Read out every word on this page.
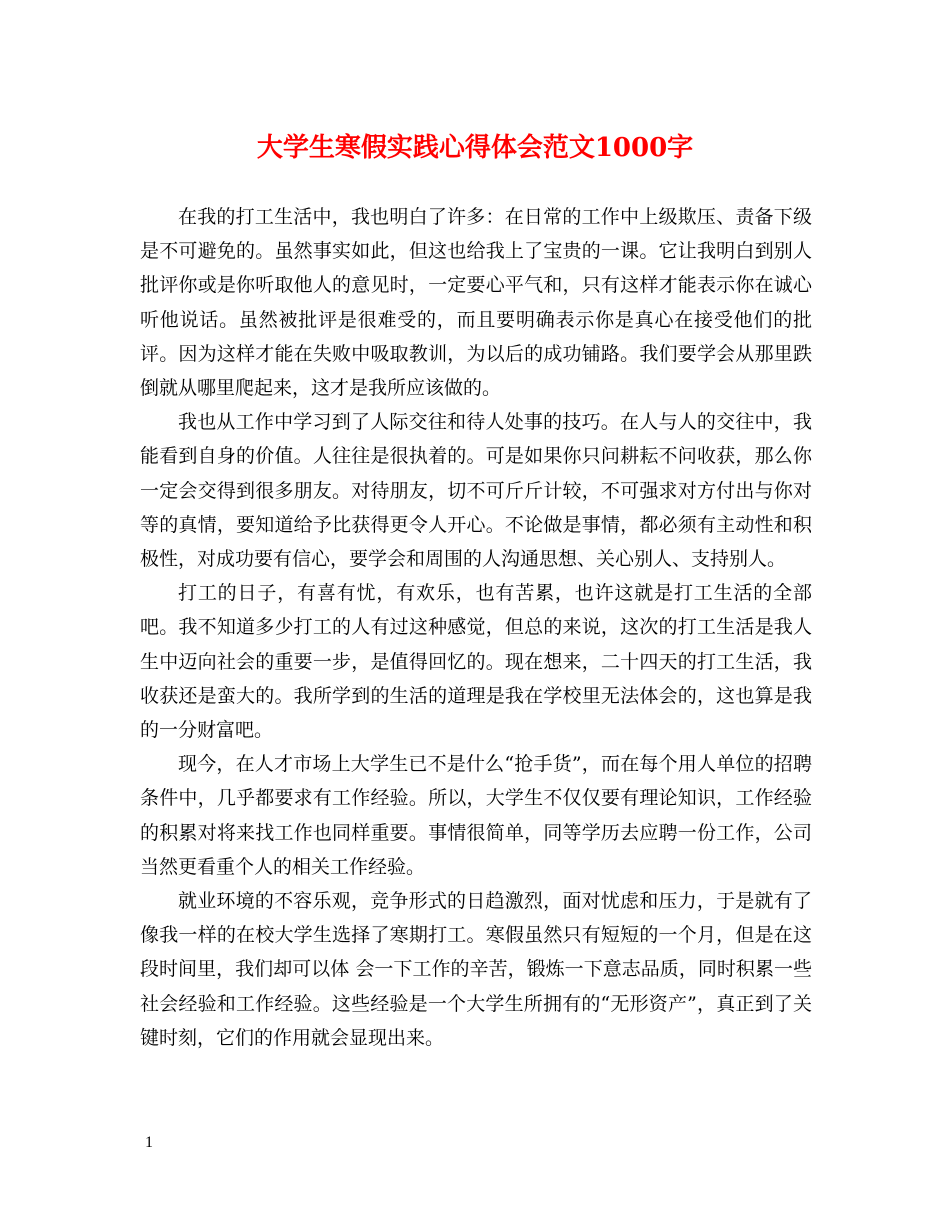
大学生寒假实践心得体会范文1000字

在我的打工生活中，我也明白了许多：在日常的工作中上级欺压、责备下级是不可避免的。虽然事实如此，但这也给我上了宝贵的一课。它让我明白到别人批评你或是你听取他人的意见时，一定要心平气和，只有这样才能表示你在诚心听他说话。虽然被批评是很难受的，而且要明确表示你是真心在接受他们的批评。因为这样才能在失败中吸取教训，为以后的成功铺路。我们要学会从那里跌倒就从哪里爬起来，这才是我所应该做的。

我也从工作中学习到了人际交往和待人处事的技巧。在人与人的交往中，我能看到自身的价值。人往往是很执着的。可是如果你只问耕耘不问收获，那么你一定会交得到很多朋友。对待朋友，切不可斤斤计较，不可强求对方付出与你对等的真情，要知道给予比获得更令人开心。不论做是事情，都必须有主动性和积极性，对成功要有信心，要学会和周围的人沟通思想、关心别人、支持别人。

打工的日子，有喜有忧，有欢乐，也有苦累，也许这就是打工生活的全部吧。我不知道多少打工的人有过这种感觉，但总的来说，这次的打工生活是我人生中迈向社会的重要一步，是值得回忆的。现在想来，二十四天的打工生活，我收获还是蛮大的。我所学到的生活的道理是我在学校里无法体会的，这也算是我的一分财富吧。

现今，在人才市场上大学生已不是什么“抢手货”，而在每个用人单位的招聘条件中，几乎都要求有工作经验。所以，大学生不仅仅要有理论知识，工作经验的积累对将来找工作也同样重要。事情很简单，同等学历去应聘一份工作，公司当然更看重个人的相关工作经验。

就业环境的不容乐观，竞争形式的日趋激烈，面对忧虑和压力，于是就有了像我一样的在校大学生选择了寒期打工。寒假虽然只有短短的一个月，但是在这段时间里，我们却可以体 会一下工作的辛苦，锻炼一下意志品质，同时积累一些社会经验和工作经验。这些经验是一个大学生所拥有的“无形资产”，真正到了关键时刻，它们的作用就会显现出来。

1
